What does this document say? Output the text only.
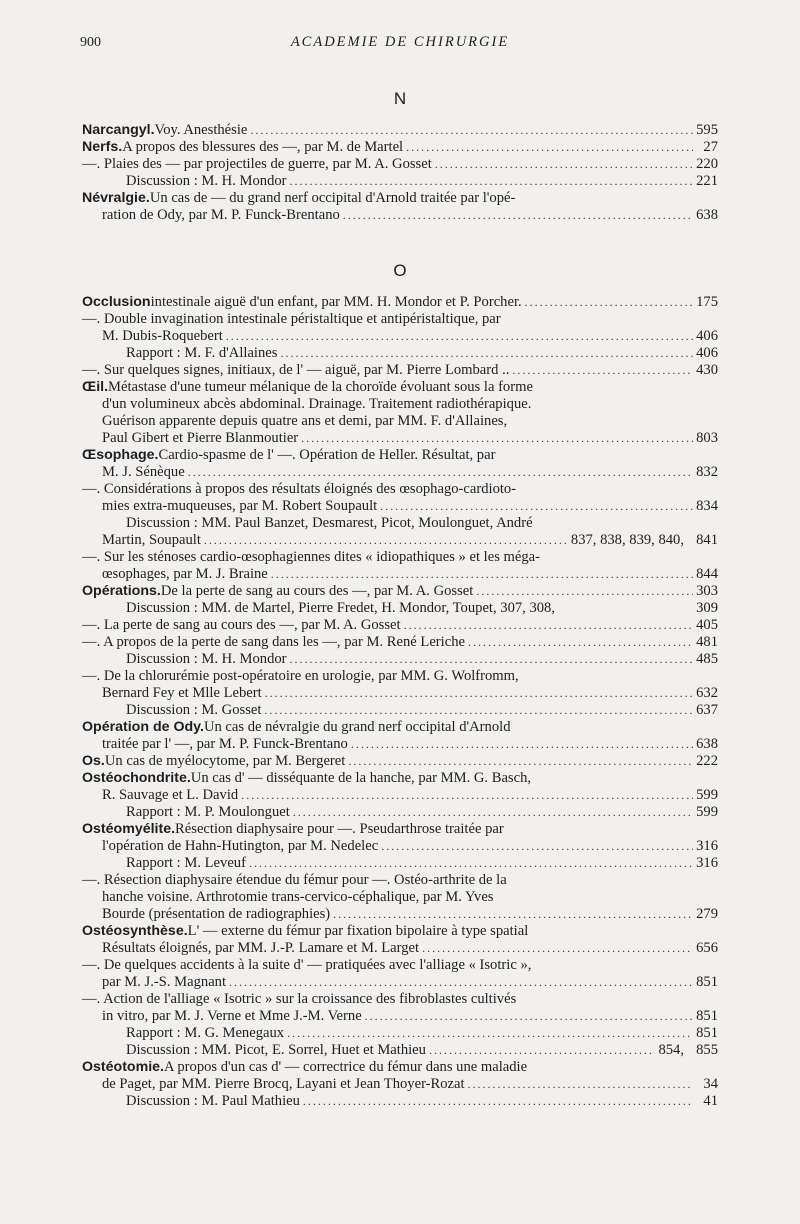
900	ACADEMIE DE CHIRURGIE
N
Narcangyl. Voy. Anesthésie .....	595
Nerfs. A propos des blessures des —, par M. de Martel .....	27
—. Plaies des — par projectiles de guerre, par M. A. Gosset .....	220
Discussion : M. H. Mondor .....	221
Névralgie. Un cas de — du grand nerf occipital d'Arnold traitée par l'opé-
ration de Ody, par M. P. Funck-Brentano .....	638
O
Occlusion intestinale aiguë d'un enfant, par MM. H. Mondor et P. Porcher. .....	175
—. Double invagination intestinale péristaltique et antipéristaltique, par
M. Dubis-Roquebert .....	406
Rapport : M. F. d'Allaines .....	406
—. Sur quelques signes, initiaux, de l' — aiguë, par M. Pierre Lombard .. .....	430
Œil. Métastase d'une tumeur mélanique de la choroïde évoluant sous la forme
d'un volumineux abcès abdominal. Drainage. Traitement radiothérapique.
Guérison apparente depuis quatre ans et demi, par MM. F. d'Allaines,
Paul Gibert et Pierre Blanmoutier .....	803
Œsophage. Cardio-spasme de l' —. Opération de Heller. Résultat, par
M. J. Sénèque .....	832
—. Considérations à propos des résultats éloignés des œsophago-cardioto-
mies extra-muqueuses, par M. Robert Soupault .....	834
Discussion : MM. Paul Banzet, Desmarest, Picot, Moulonguet, André
Martin, Soupault .....	837, 838, 839, 840, 841
—. Sur les sténoses cardio-œsophagiennes dites « idiopathiques » et les méga-
œsophages, par M. J. Braine .....	844
Opérations. De la perte de sang au cours des —, par M. A. Gosset .....	303
Discussion : MM. de Martel, Pierre Fredet, H. Mondor, Toupet, 307, 308,	309
—. La perte de sang au cours des —, par M. A. Gosset .....	405
—. A propos de la perte de sang dans les —, par M. René Leriche .....	481
Discussion : M. H. Mondor .....	485
—. De la chlorurémie post-opératoire en urologie, par MM. G. Wolfromm,
Bernard Fey et Mlle Lebert .....	632
Discussion : M. Gosset .....	637
Opération de Ody. Un cas de névralgie du grand nerf occipital d'Arnold
traitée par l' —, par M. P. Funck-Brentano .....	638
Os. Un cas de myélocytome, par M. Bergeret .....	222
Ostéochondrite. Un cas d' — disséquante de la hanche, par MM. G. Basch,
R. Sauvage et L. David .....	599
Rapport : M. P. Moulonguet .....	599
Ostéomyélite. Résection diaphysaire pour —. Pseudarthrose traitée par
l'opération de Hahn-Hutington, par M. Nedelec .....	316
Rapport : M. Leveuf .....	316
—. Résection diaphysaire étendue du fémur pour —. Ostéo-arthrite de la
hanche voisine. Arthrotomie trans-cervico-céphalique, par M. Yves
Bourde (présentation de radiographies) .....	279
Ostéosynthèse. L' — externe du fémur par fixation bipolaire à type spatial
Résultats éloignés, par MM. J.-P. Lamare et M. Larget .....	656
—. De quelques accidents à la suite d' — pratiquées avec l'alliage « Isotric »,
par M. J.-S. Magnant .....	851
—. Action de l'alliage « Isotric » sur la croissance des fibroblastes cultivés
in vitro, par M. J. Verne et Mme J.-M. Verne .....	851
Rapport : M. G. Menegaux .....	851
Discussion : MM. Picot, E. Sorrel, Huet et Mathieu .....	854, 855
Ostéotomie. A propos d'un cas d' — correctrice du fémur dans une maladie
de Paget, par MM. Pierre Brocq, Layani et Jean Thoyer-Rozat .....	34
Discussion : M. Paul Mathieu .....	41
